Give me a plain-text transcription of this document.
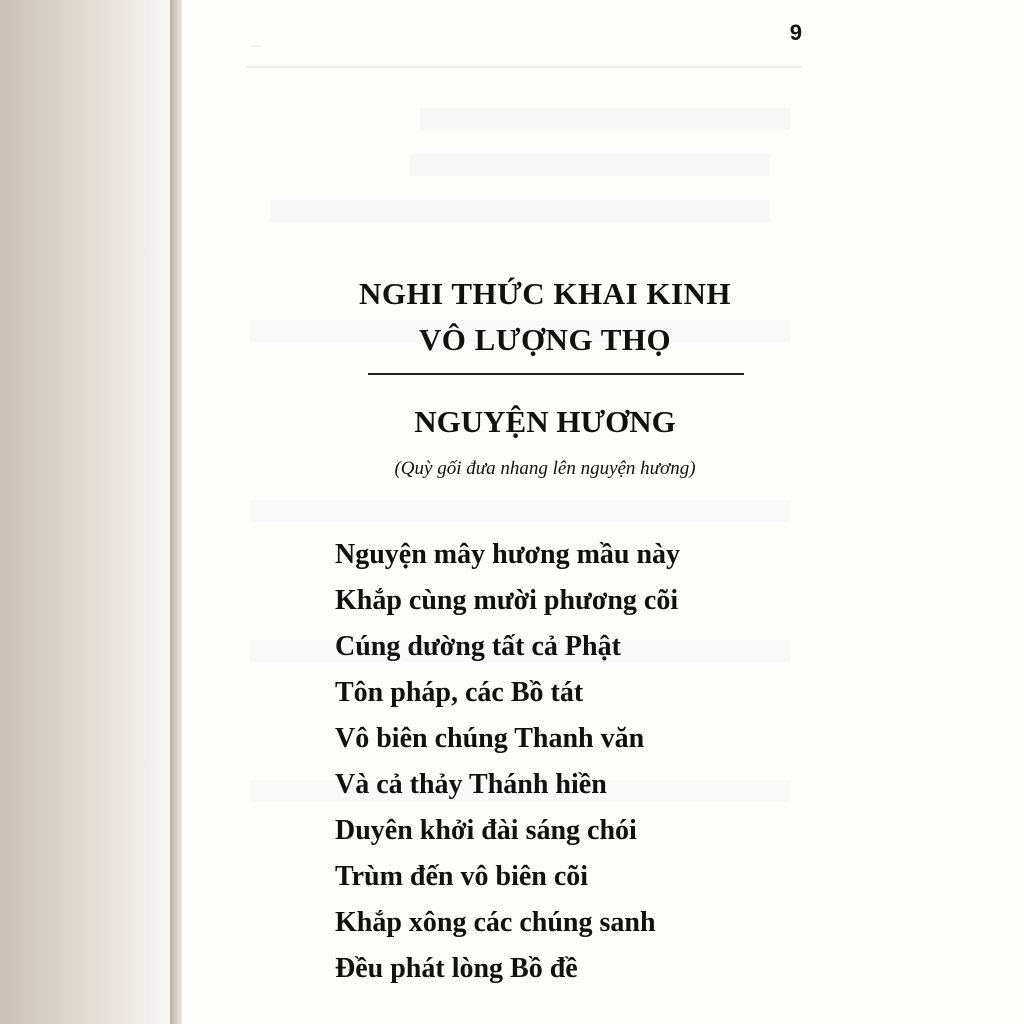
—
9
NGHI THỨC KHAI KINH
VÔ LƯỢNG THỌ
NGUYỆN HƯƠNG
(Quỳ gối đưa nhang lên nguyện hương)
Nguyện mây hương mầu này
Khắp cùng mười phương cõi
Cúng dường tất cả Phật
Tôn pháp, các Bồ tát
Vô biên chúng Thanh văn
Và cả thảy Thánh hiền
Duyên khởi đài sáng chói
Trùm đến vô biên cõi
Khắp xông các chúng sanh
Đều phát lòng Bồ đề
